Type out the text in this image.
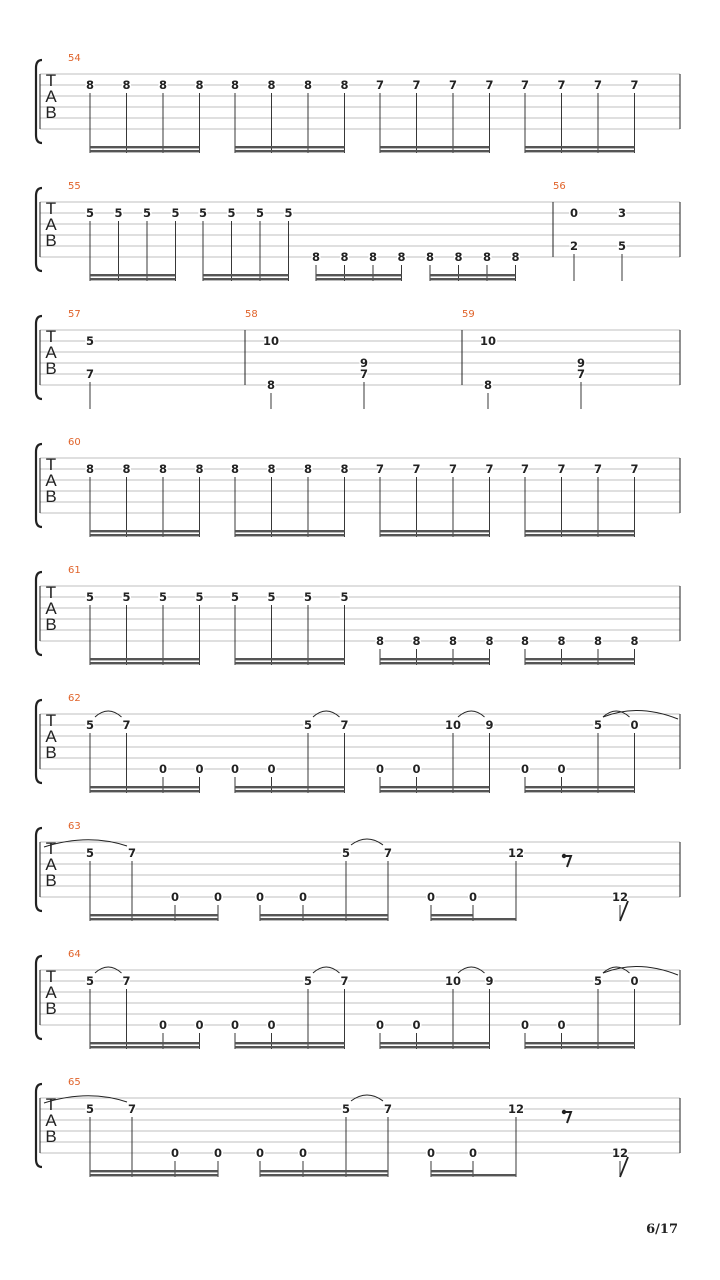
T
A
B
54
8 8 8 8 8 8 8 8 7 7 7 7 7 7 7 7
T
A
B
55
5 5 5 5 5 5 5 5
8 8 8 8 8 8 8 8
56
2
0
5
3
T
A
B
57
7
5
58
10
8
9
7
59
10
8
9
7
T
A
B
60
8 8 8 8 8 8 8 8 7 7 7 7 7 7 7 7
T
A
B
61
5 5 5 5 5 5 5 5
8 8 8 8 8 8 8 8
T
A
B
62
5 7
0 0 0 0
5 7
0 0
10 9
0 0
5 0
T
A
B
63
5	7
0	0	0	0
5	7
0	0
12
12
T
A
B
64
5 7
0 0 0 0
5 7
0 0
10 9
0 0
5 0
T
A
B
65
5	7
0	0	0	0
5	7
0	0
12
12
6/17
